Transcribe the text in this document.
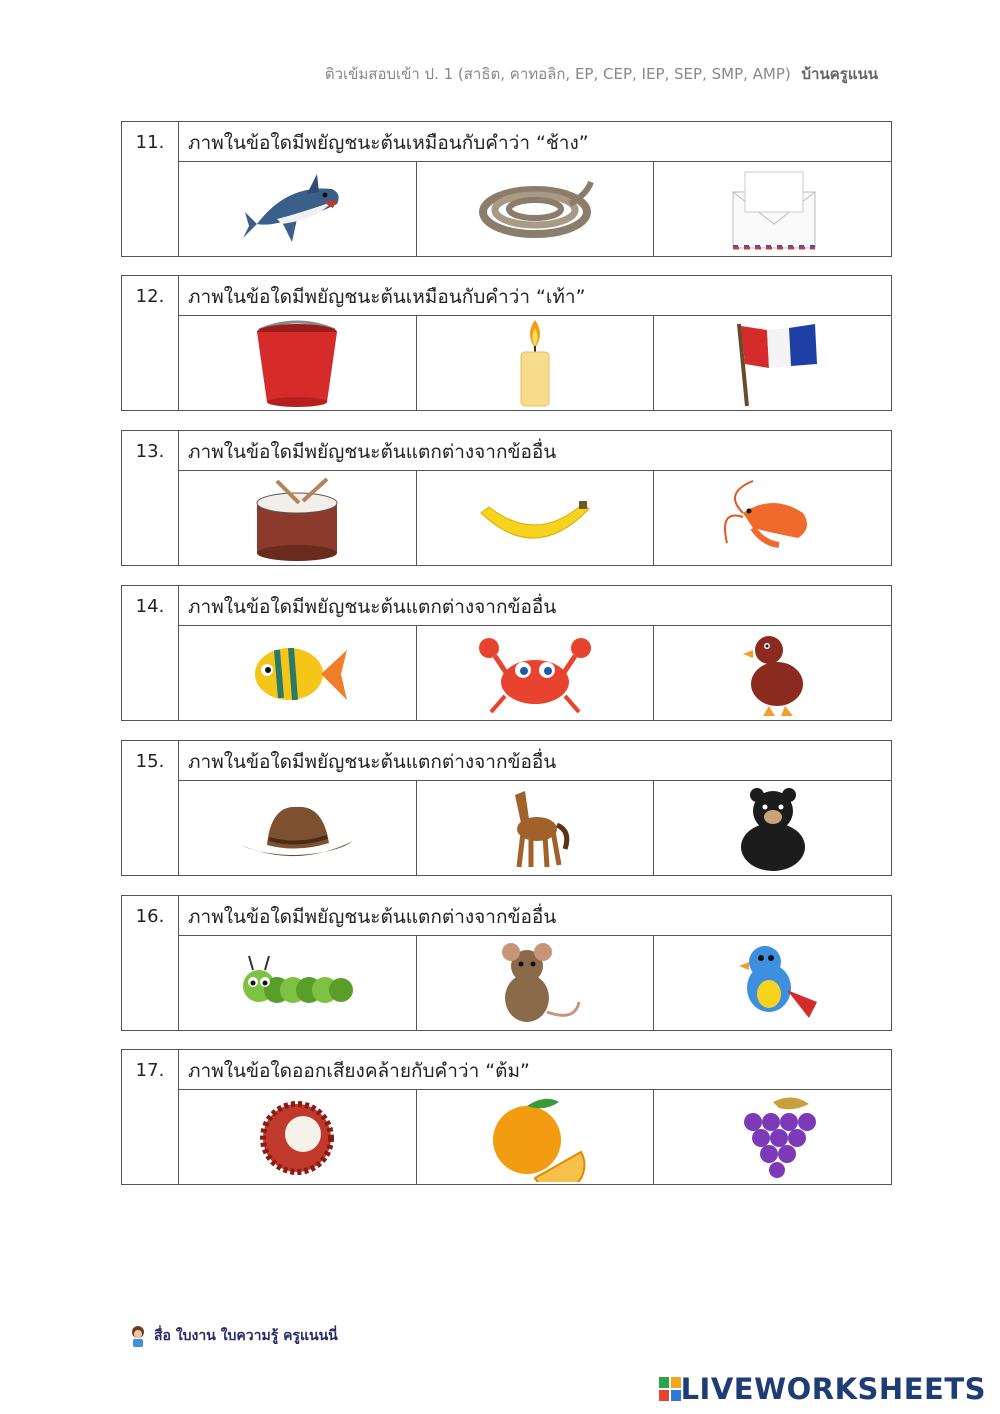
ติวเข้มสอบเข้า ป. 1 (สาธิต, คาทอลิก, EP, CEP, IEP, SEP, SMP, AMP) บ้านครูแนน
11.	ภาพในข้อใดมีพยัญชนะต้นเหมือนกับคำว่า “ช้าง”
12.	ภาพในข้อใดมีพยัญชนะต้นเหมือนกับคำว่า “เท้า”
13.	ภาพในข้อใดมีพยัญชนะต้นแตกต่างจากข้ออื่น
14.	ภาพในข้อใดมีพยัญชนะต้นแตกต่างจากข้ออื่น
15.	ภาพในข้อใดมีพยัญชนะต้นแตกต่างจากข้ออื่น
16.	ภาพในข้อใดมีพยัญชนะต้นแตกต่างจากข้ออื่น
17.	ภาพในข้อใดออกเสียงคล้ายกับคำว่า “ต้ม”
สื่อ ใบงาน ใบความรู้ ครูแนนนี่
LIVEWORKSHEETS
